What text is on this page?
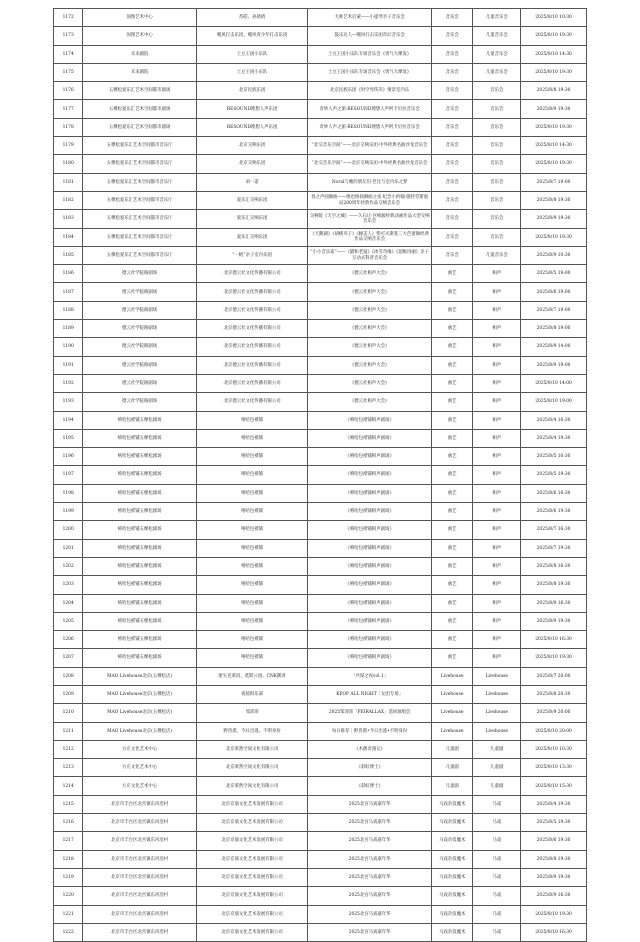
1172	国图艺术中心	苏皓、孙倩倩	大师艺术启蒙——小提琴亲子音乐会	音乐会	儿童音乐会	2025/8/10 10:30
1173	国图艺术中心	飓风打击乐团、飓风青少年打击乐团	鼓乐达人—飓风打击乐团奇幻音乐会	音乐会	儿童音乐会	2025/8/10 19:30
1174	未来剧院	土豆王国小乐队	土豆王国小乐队专场音乐会《勇气大爆发》	音乐会	儿童音乐会	2025/8/10 14:30
1175	未来剧院	土豆王国小乐队	土豆王国小乐队专场音乐会《勇气大爆发》	音乐会	儿童音乐会	2025/8/10 19:30
1176	五棵松爱乐汇艺术空间都市剧场	北京民族乐团	北京民族乐团《时空琴侠决》情景室内乐	音乐会	音乐会	2025/8/8 19:30
1177	五棵松爱乐汇艺术空间都市剧场	RESOUND理想人声乐团	奇妙人声之旅·RESOUND理想人声阿卡贝拉音乐会	音乐会	音乐会	2025/8/9 19:30
1178	五棵松爱乐汇艺术空间都市剧场	RESOUND理想人声乐团	奇妙人声之旅·RESOUND理想人声阿卡贝拉音乐会	音乐会	音乐会	2025/8/10 19:30
1179	五棵松爱乐汇艺术空间都市音乐厅	北京交响乐团	“北交音乐空间”——北京交响乐团·中外经典名曲沙龙音乐会	音乐会	音乐会	2025/8/10 14:30
1180	五棵松爱乐汇艺术空间都市音乐厅	北京交响乐团	“北交音乐空间”——北京交响乐团·中外经典名曲沙龙音乐会	音乐会	音乐会	2025/8/10 19:30
1181	五棵松爱乐汇艺术空间都市音乐厅	刘一诺	Noral与她的朋友们-芭比与室内乐之梦	音乐会	音乐会	2025/8/7 19:00
1182	五棵松爱乐汇艺术空间都市音乐厅	爱乐汇交响乐团	春之声圆舞曲——维也纳圆舞曲之夜·纪念小约翰·施特劳斯诞辰200周年经典作品交响音乐会	音乐会	音乐会	2025/8/8 19:30
1183	五棵松爱乐汇艺术空间都市音乐厅	爱乐汇交响乐团	交响版《天空之城》——久石让·宫崎骏经典动画作品大型交响音乐会	音乐会	音乐会	2025/8/9 19:30
1184	五棵松爱乐汇艺术空间都市音乐厅	爱乐汇交响乐团	《天鹅湖》《胡桃夹子》《睡美人》柴可夫斯基三大芭蕾舞经典作品交响音乐会	音乐会	音乐会	2025/8/10 19:30
1185	五棵松爱乐汇艺术空间都市音乐厅	“一帆”亲子室内乐团	“小小音乐家”——《猫和老鼠》《冰雪奇缘》《超级玛丽》亲子互动式科普音乐会	音乐会	儿童音乐会	2025/8/9 10:30
1186	德云社学院路剧场	北京德云社文化传播有限公司	《德云社相声大会》	曲艺	相声	2025/8/5 19:00
1187	德云社学院路剧场	北京德云社文化传播有限公司	《德云社相声大会》	曲艺	相声	2025/8/6 19:00
1188	德云社学院路剧场	北京德云社文化传播有限公司	《德云社相声大会》	曲艺	相声	2025/8/7 19:00
1189	德云社学院路剧场	北京德云社文化传播有限公司	《德云社相声大会》	曲艺	相声	2025/8/8 19:00
1190	德云社学院路剧场	北京德云社文化传播有限公司	《德云社相声大会》	曲艺	相声	2025/8/9 14:00
1191	德云社学院路剧场	北京德云社文化传播有限公司	《德云社相声大会》	曲艺	相声	2025/8/9 19:00
1192	德云社学院路剧场	北京德云社文化传播有限公司	《德云社相声大会》	曲艺	相声	2025/8/10 14:00
1193	德云社学院路剧场	北京德云社文化传播有限公司	《德云社相声大会》	曲艺	相声	2025/8/10 19:00
1194	嘻哈包袱铺五棵松剧场	嘻哈包袱铺	《嘻哈包袱铺相声剧场》	曲艺	相声	2025/8/4 16:30
1195	嘻哈包袱铺五棵松剧场	嘻哈包袱铺	《嘻哈包袱铺相声剧场》	曲艺	相声	2025/8/4 19:30
1196	嘻哈包袱铺五棵松剧场	嘻哈包袱铺	《嘻哈包袱铺相声剧场》	曲艺	相声	2025/8/5 16:30
1197	嘻哈包袱铺五棵松剧场	嘻哈包袱铺	《嘻哈包袱铺相声剧场》	曲艺	相声	2025/8/5 19:30
1198	嘻哈包袱铺五棵松剧场	嘻哈包袱铺	《嘻哈包袱铺相声剧场》	曲艺	相声	2025/8/6 16:30
1199	嘻哈包袱铺五棵松剧场	嘻哈包袱铺	《嘻哈包袱铺相声剧场》	曲艺	相声	2025/8/6 19:30
1200	嘻哈包袱铺五棵松剧场	嘻哈包袱铺	《嘻哈包袱铺相声剧场》	曲艺	相声	2025/8/7 16:30
1201	嘻哈包袱铺五棵松剧场	嘻哈包袱铺	《嘻哈包袱铺相声剧场》	曲艺	相声	2025/8/7 19:30
1202	嘻哈包袱铺五棵松剧场	嘻哈包袱铺	《嘻哈包袱铺相声剧场》	曲艺	相声	2025/8/8 16:30
1203	嘻哈包袱铺五棵松剧场	嘻哈包袱铺	《嘻哈包袱铺相声剧场》	曲艺	相声	2025/8/8 19:30
1204	嘻哈包袱铺五棵松剧场	嘻哈包袱铺	《嘻哈包袱铺相声剧场》	曲艺	相声	2025/8/9 16:30
1205	嘻哈包袱铺五棵松剧场	嘻哈包袱铺	《嘻哈包袱铺相声剧场》	曲艺	相声	2025/8/9 19:30
1206	嘻哈包袱铺五棵松剧场	嘻哈包袱铺	《嘻哈包袱铺相声剧场》	曲艺	相声	2025/8/10 16:30
1207	嘻哈包袱铺五棵松剧场	嘻哈包袱铺	《嘻哈包袱铺相声剧场》	曲艺	相声	2025/8/10 19:30
1208	MAO Livehouse北京(五棵松店)	迷失克莱因、莫斯公园、CNK鹅青	「共谋之夜vol.1」	Livehouse	Livehouse	2025/8/7 20:00
1209	MAO Livehouse北京(五棵松店)	夜骑俱乐部	KPOP ALL NIGHT「女团专场」	Livehouse	Livehouse	2025/8/8 20:30
1210	MAO Livehouse北京(五棵松店)	邹沛沛	2025邹沛沛「PEIRALLAX」巡回演唱会	Livehouse	Livehouse	2025/8/9 20:00
1211	MAO Livehouse北京(五棵松店)	野兽派、今日出逃、不明身份	每日推荐｜野兽派•今日出逃•不明身份	Livehouse	Livehouse	2025/8/10 20:00
1212	方庄文化艺术中心	北京莱然空间文化有限公司	《木偶奇遇记》	儿童剧	儿童剧	2025/8/10 10:30
1213	方庄文化艺术中心	北京莱然空间文化有限公司	《彩虹博士》	儿童剧	儿童剧	2025/8/10 13:30
1214	方庄文化艺术中心	北京莱然空间文化有限公司	《彩虹博士》	儿童剧	儿童剧	2025/8/10 15:30
1215	北京市丰台区北宫镇东河沿村	北京京演文化艺术发展有限公司	2025北宫马戏嘉年华	马戏杂技魔术	马戏	2025/8/4 19:30
1216	北京市丰台区北宫镇东河沿村	北京京演文化艺术发展有限公司	2025北宫马戏嘉年华	马戏杂技魔术	马戏	2025/8/5 19:30
1217	北京市丰台区北宫镇东河沿村	北京京演文化艺术发展有限公司	2025北宫马戏嘉年华	马戏杂技魔术	马戏	2025/8/6 19:30
1218	北京市丰台区北宫镇东河沿村	北京京演文化艺术发展有限公司	2025北宫马戏嘉年华	马戏杂技魔术	马戏	2025/8/8 19:30
1219	北京市丰台区北宫镇东河沿村	北京京演文化艺术发展有限公司	2025北宫马戏嘉年华	马戏杂技魔术	马戏	2025/8/9 19:30
1220	北京市丰台区北宫镇东河沿村	北京京演文化艺术发展有限公司	2025北宫马戏嘉年华	马戏杂技魔术	马戏	2025/8/9 16:30
1221	北京市丰台区北宫镇东河沿村	北京京演文化艺术发展有限公司	2025北宫马戏嘉年华	马戏杂技魔术	马戏	2025/8/10 19:30
1222	北京市丰台区北宫镇东河沿村	北京京演文化艺术发展有限公司	2025北宫马戏嘉年华	马戏杂技魔术	马戏	2025/8/10 16:30
